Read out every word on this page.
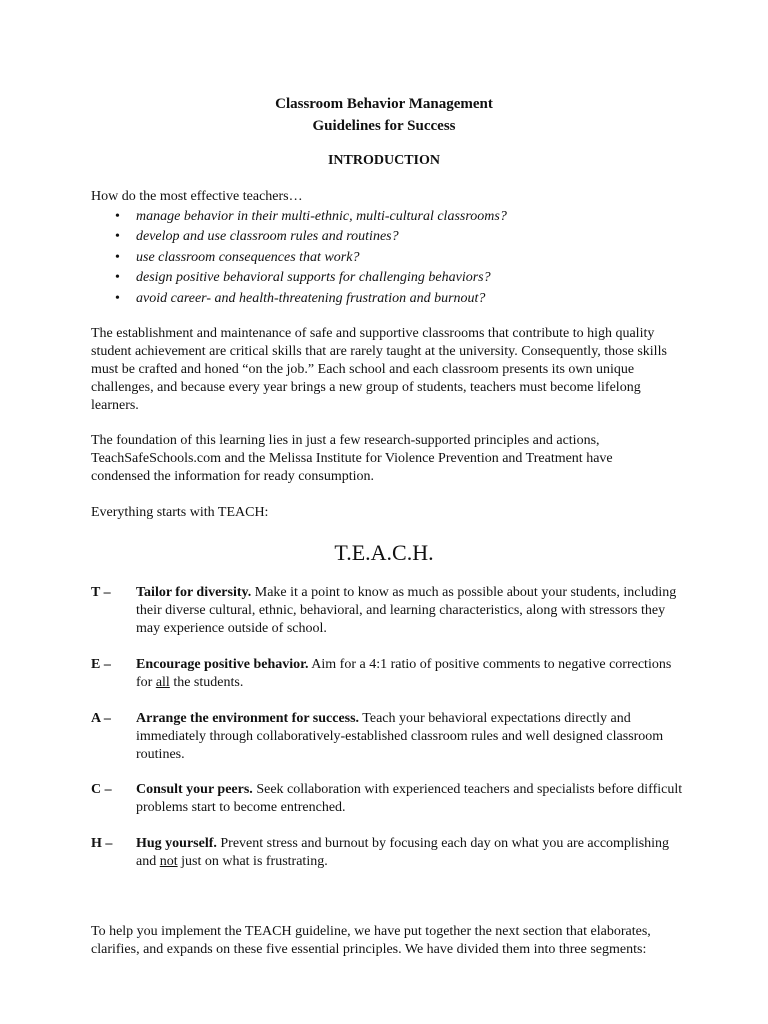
Classroom Behavior Management
Guidelines for Success
INTRODUCTION

How do the most effective teachers…

• manage behavior in their multi-ethnic, multi-cultural classrooms?
• develop and use classroom rules and routines?
• use classroom consequences that work?
• design positive behavioral supports for challenging behaviors?
• avoid career- and health-threatening frustration and burnout?

The establishment and maintenance of safe and supportive classrooms that contribute to high quality student achievement are critical skills that are rarely taught at the university. Consequently, those skills must be crafted and honed “on the job.” Each school and each classroom presents its own unique challenges, and because every year brings a new group of students, teachers must become lifelong learners.

The foundation of this learning lies in just a few research-supported principles and actions, TeachSafeSchools.com and the Melissa Institute for Violence Prevention and Treatment have condensed the information for ready consumption.

Everything starts with TEACH:

T.E.A.C.H.
T – Tailor for diversity. Make it a point to know as much as possible about your students, including their diverse cultural, ethnic, behavioral, and learning characteristics, along with stressors they may experience outside of school.
E – Encourage positive behavior. Aim for a 4:1 ratio of positive comments to negative corrections for all the students.
A – Arrange the environment for success. Teach your behavioral expectations directly and immediately through collaboratively-established classroom rules and well designed classroom routines.
C – Consult your peers. Seek collaboration with experienced teachers and specialists before difficult problems start to become entrenched.
H – Hug yourself. Prevent stress and burnout by focusing each day on what you are accomplishing and not just on what is frustrating.

To help you implement the TEACH guideline, we have put together the next section that elaborates, clarifies, and expands on these five essential principles. We have divided them into three segments:
